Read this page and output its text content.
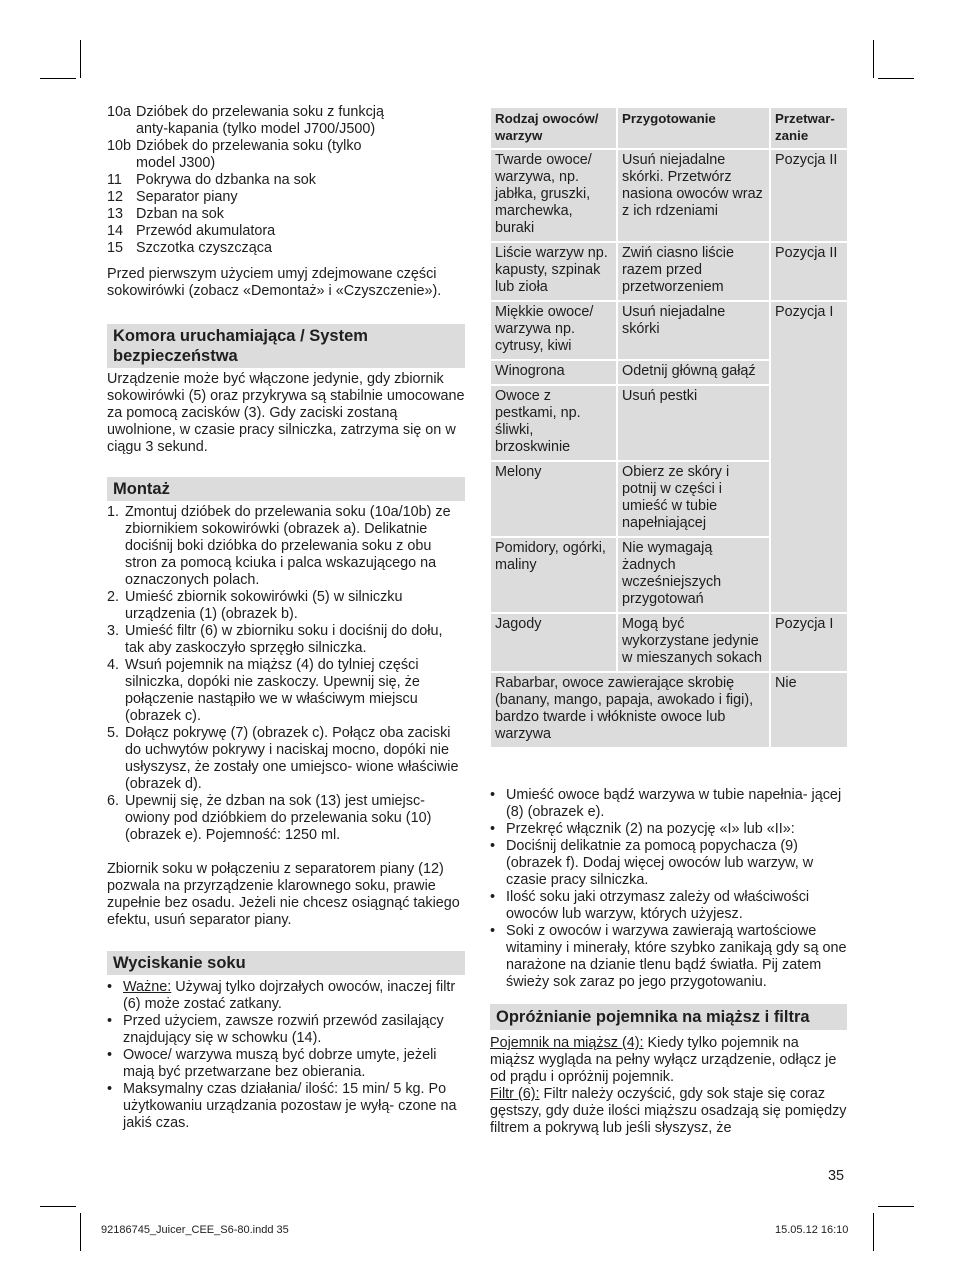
10a Dzióbek do przelewania soku z funkcją anty-kapania (tylko model J700/J500)
10b Dzióbek do przelewania soku (tylko model J300)
11 Pokrywa do dzbanka na sok
12 Separator piany
13 Dzban na sok
14 Przewód akumulatora
15 Szczotka czyszcząca

Przed pierwszym użyciem umyj zdejmowane części sokowirówki (zobacz «Demontaż» i «Czyszczenie»).

Komora uruchamiająca / System bezpieczeństwa

Urządzenie może być włączone jedynie, gdy zbiornik sokowirówki (5) oraz przykrywa są stabilnie umocowane za pomocą zacisków (3). Gdy zaciski zostaną uwolnione, w czasie pracy silniczka, zatrzyma się on w ciągu 3 sekund.

Montaż
1. Zmontuj dzióbek do przelewania soku (10a/10b) ze zbiornikiem sokowirówki (obrazek a). Delikatnie dociśnij boki dzióbka do przelewania soku z obu stron za pomocą kciuka i palca wskazującego na oznaczonych polach.
2. Umieść zbiornik sokowirówki (5) w silniczku urządzenia (1) (obrazek b).
3. Umieść filtr (6) w zbiorniku soku i dociśnij do dołu, tak aby zaskoczyło sprzęgło silniczka.
4. Wsuń pojemnik na miąższ (4) do tylniej części silniczka, dopóki nie zaskoczy. Upewnij się, że połączenie nastąpiło we w właściwym miejscu (obrazek c).
5. Dołącz pokrywę (7) (obrazek c). Połącz oba zaciski do uchwytów pokrywy i naciskaj mocno, dopóki nie usłyszysz, że zostały one umiejsco- wione właściwie (obrazek d).
6. Upewnij się, że dzban na sok (13) jest umiejsc- owiony pod dzióbkiem do przelewania soku (10) (obrazek e). Pojemność: 1250 ml.

Zbiornik soku w połączeniu z separatorem piany (12) pozwala na przyrządzenie klarownego soku, prawie zupełnie bez osadu. Jeżeli nie chcesz osiągnąć takiego efektu, usuń separator piany.

Wyciskanie soku
• Ważne: Używaj tylko dojrzałych owoców, inaczej filtr (6) może zostać zatkany.
• Przed użyciem, zawsze rozwiń przewód zasilający znajdujący się w schowku (14).
• Owoce/ warzywa muszą być dobrze umyte, jeżeli mają być przetwarzane bez obierania.
• Maksymalny czas działania/ ilość: 15 min/ 5 kg. Po użytkowaniu urządzania pozostaw je wyłą- czone na jakiś czas.
Rodzaj owoców/ warzyw	Przygotowanie	Przetwar- zanie
Twarde owoce/ warzywa, np. jabłka, gruszki, marchewka, buraki	Usuń niejadalne skórki. Przetwórz nasiona owoców wraz z ich rdzeniami	Pozycja II
Liście warzyw np. kapusty, szpinak lub zioła	Zwiń ciasno liście razem przed przetworzeniem	Pozycja II
Miękkie owoce/ warzywa np. cytrusy, kiwi	Usuń niejadalne skórki	Pozycja I
Winogrona	Odetnij główną gałąź	
Owoce z pestkami, np. śliwki, brzoskwinie	Usuń pestki	
Melony	Obierz ze skóry i potnij w części i umieść w tubie napełniającej	
Pomidory, ogórki, maliny	Nie wymagają żadnych wcześniejszych przygotowań	
Jagody	Mogą być wykorzystane jedynie w mieszanych sokach	Pozycja I
Rabarbar, owoce zawierające skrobię (banany, mango, papaja, awokado i figi), bardzo twarde i włókniste owoce lub warzywa		Nie
• Umieść owoce bądź warzywa w tubie napełnia- jącej (8) (obrazek e).
• Przekręć włącznik (2) na pozycję «I» lub «II»:
• Dociśnij delikatnie za pomocą popychacza (9) (obrazek f). Dodaj więcej owoców lub warzyw, w czasie pracy silniczka.
• Ilość soku jaki otrzymasz zależy od właściwości owoców lub warzyw, których użyjesz.
• Soki z owoców i warzywa zawierają wartościowe witaminy i minerały, które szybko zanikają gdy są one narażone na dzianie tlenu bądź światła. Pij zatem świeży sok zaraz po jego przygotowaniu.
Opróżnianie pojemnika na miąższ i filtra

Pojemnik na miąższ (4): Kiedy tylko pojemnik na miąższ wygląda na pełny wyłącz urządzenie, odłącz je od prądu i opróżnij pojemnik.

Filtr (6): Filtr należy oczyścić, gdy sok staje się coraz gęstszy, gdy duże ilości miąższu osadzają się pomiędzy filtrem a pokrywą lub jeśli słyszysz, że

35
92186745_Juicer_CEE_S6-80.indd 35	15.05.12 16:10
